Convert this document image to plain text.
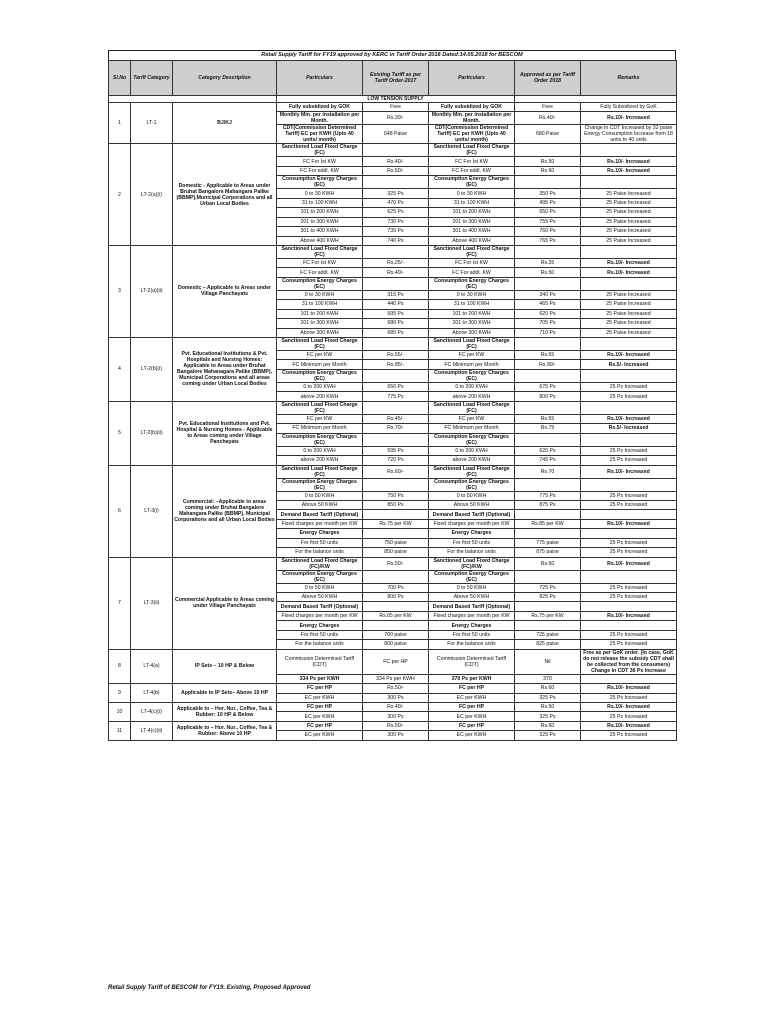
Retail Supply Tariff for FY19 approved by KERC in Tariff Order 2018 Dated:14.05.2018 for BESCOM
Sl.No	Tariff Category	Category Description	Particulars	Existing Tariff as per Tariff Order-2017	Particulars	Approved as per Tariff Order 2018	Remarks
			LOW TENSION SUPPLY				
1	LT-1	BJ/KJ	Fully subsidized by GOK	Free	Fully subsidized by GOK	Free	Fully Subsidized by GoK
			Monthly Min. per installation per Month.	Rs.30/-	Monthly Min. per installation per Month.	Rs.40/-	Rs.10/- Increased
			CDT(Commission Determined Tariff) EC per KWH (Upto 40 units/ month)	648 Paise	CDT(Commission Determined Tariff) EC per KWH (Upto 40 units/ month)	680 Paise	Change in CDT Increased by 32 paise Energy Consumption Increase from 18 units to 40 units
2	LT-2(a)(i)	Domestic - Applicable to Areas under Bruhat Bangalore Mahangara Palike (BBMP),Municipal Corporations and all Urban Local Bodies	Sanctioned Load Fixed Charge (FC)		Sanctioned Load Fixed Charge (FC)		
			FC For Ist KW	Rs.40/-	FC For Ist KW	Rs.50	Rs.10/- Increased
			FC For addl. KW	Rs.50/-	FC For addl. KW	Rs.60	Rs.10/- Increased
			Consumption Energy Charges (EC)		Consumption Energy Charges (EC)		
			0 to 30 KWH	325 Ps	0 to 30 KWH	350 Ps	25 Paise Increased
			31 to 100 KWH	470 Ps	31 to 100 KWH	495 Ps	25 Paise Increased
			101 to 200 KWH	625 Ps	101 to 200 KWH	650 Ps	25 Paise Increased
			201 to 300 KWH	730 Ps	201 to 300 KWH	755 Ps	25 Paise Increased
			301 to 400 KWH	735 Ps	301 to 400 KWH	760 Ps	25 Paise Increased
			Above 400 KWH	740 Ps	Above 400 KWH	765 Ps	25 Paise Increased
3	LT-2(a)(ii)	Domestic – Applicable to Areas under Village Panchayats	Sanctioned Load Fixed Charge (FC)		Sanctioned Load Fixed Charge (FC)		
			FC For Ist KW	Rs.25/-	FC For Ist KW	Rs.35	Rs.10/- Increased
			FC For addl. KW	Rs.40/-	FC For addl. KW	Rs.50	Rs.10/- Increased
			Consumption Energy Charges (EC)		Consumption Energy Charges (EC)		
			0 to 30 KWH	315 Ps	0 to 30 KWH	340 Ps	25 Paise Increased
			31 to 100 KWH	440 Ps	31 to 100 KWH	465 Ps	25 Paise Increased
			101 to 200 KWH	595 Ps	101 to 200 KWH	620 Ps	25 Paise Increased
			201 to 300 KWH	680 Ps	201 to 300 KWH	705 Ps	25 Paise Increased
			Above 300 KWH	685 Ps	Above 300 KWH	710 Ps	25 Paise Increased
4	LT-2(b)(i)	Pvt. Educational Institutions & Pvt. Hospitals and Nursing Homes: Applicable to Areas under Bruhat Bangalore Mahanagara Palike (BBMP), Municipal Corporations and all areas coming under Urban Local Bodies	Sanctioned Load Fixed Charge (FC)		Sanctioned Load Fixed Charge (FC)		
			FC per KW	Rs.55/-	FC per KW	Rs.65	Rs.10/- Increased
			FC Minimum per Month	Rs.85/-	FC Minimum per Month	Rs.90/-	Rs.5/- Increased
			Consumption Energy Charges (EC)		Consumption Energy Charges (EC)		
			0 to 200 KWH	650 Ps	0 to 200 KWH	675 Ps	25 Ps Increased
			above 200 KWH	775 Ps	above 200 KWH	800 Ps	25 Ps Increased
5	LT-2(b)(ii)	Pvt. Educational Institutions and Pvt. Hospital & Nursing Homes - Applicable to Areas coming under Village Panchayats	Sanctioned Load Fixed Charge (FC)		Sanctioned Load Fixed Charge (FC)		
			FC per KW	Rs.45/-	FC per KW	Rs.55	Rs.10/- Increased
			FC Minimum per Month	Rs.70/-	FC Minimum per Month	Rs.75	Rs.5/- Increased
			Consumption Energy Charges (EC)		Consumption Energy Charges (EC)		
			0 to 200 KWH	595 Ps	0 to 200 KWH	620 Ps	25 Ps Increased
			above 200 KWH	720 Ps	above 200 KWH	745 Ps	25 Ps Increased
6	LT-3(i)	Commercial: –Applicable to areas coming under Bruhat Bangalore Mahangara Palike (BBMP), Municipal Corporations and all Urban Local Bodies	Sanctioned Load Fixed Charge (FC)	Rs.60/-	Sanctioned Load Fixed Charge (FC)	Rs.70	Rs.10/- Increased
			Consumption Energy Charges (EC)		Consumption Energy Charges (EC)		
			0 to 50 KWH	750 Ps	0 to 50 KWH	775 Ps	25 Ps Increased
			Above 50 KWH	850 Ps	Above 50 KWH	875 Ps	25 Ps Increased
			Demand Based Tariff (Optional)		Demand Based Tariff (Optional)		
			Fixed charges per month per KW	Rs.75 per KW	Fixed charges per month per KW	Rs.85 per KW	Rs.10/- Increased
			Energy Charges		Energy Charges		
			For first 50 units	750 paise	For first 50 units	775 paise	25 Ps Increased
			For the balance units	850 paise	For the balance units	875 paise	25 Ps Increased
7	LT-3(ii)	Commercial Applicable to Areas coming under Village Panchayats	Sanctioned Load Fixed Charge (FC)/KW	Rs.50/-	Sanctioned Load Fixed Charge (FC)/KW	Rs.60	Rs.10/- Increased
			Consumption Energy Charges (EC)		Consumption Energy Charges (EC)		
			0 to 50 KWH	700 Ps	0 to 50 KWH	725 Ps	25 Ps Increased
			Above 50 KWH	800 Ps	Above 50 KWH	825 Ps	25 Ps Increased
			Demand Based Tariff (Optional)		Demand Based Tariff (Optional)		
			Fixed charges per month per KW	Rs.65 per KW	Fixed charges per month per KW	Rs.75 per KW	Rs.10/- Increased
			Energy Charges		Energy Charges		
			For first 50 units	700 paise	For first 50 units	725 paise	25 Ps Increased
			For the balance units	800 paise	For the balance units	825 paise	25 Ps Increased
8	LT-4(a)	IP Sets – 10 HP & Below	Commission Determined Tariff (CDT)	FC per HP	Commission Determined Tariff (CDT)	Nil	Free as per GoK order. (In case, GoK do not release the subsidy CDT shall be collected from the consumers) Change in CDT 36 Ps Increase
			334 Ps per KWH	334 Ps per KWH	370 Ps per KWH	370	
9	LT-4(b)	Applicable to IP Sets– Above 10 HP	FC per HP	Rs.50/-	FC per HP	Rs.60	Rs.10/- Increased
			EC per KWH	300 Ps	EC per KWH	325 Ps	25 Ps Increased
10	LT-4(c)(i)	Applicable to – Hor. Nur., Coffee, Tea & Rubber: 10 HP & Below	FC per HP	Rs.40/-	FC per HP	Rs.50	Rs.10/- Increased
			EC per KWH	300 Ps	EC per KWH	325 Ps	25 Ps Increased
11	LT-4(c)(ii)	Applicable to – Hor. Nur., Coffee, Tea & Rubber: Above 10 HP	FC per HP	Rs.50/-	FC per HP	Rs.60	Rs.10/- Increased
			EC per KWH	300 Ps	EC per KWH	325 Ps	25 Ps Increased
Retail Supply Tariff of BESCOM for FY19. Existing, Proposed Approved
